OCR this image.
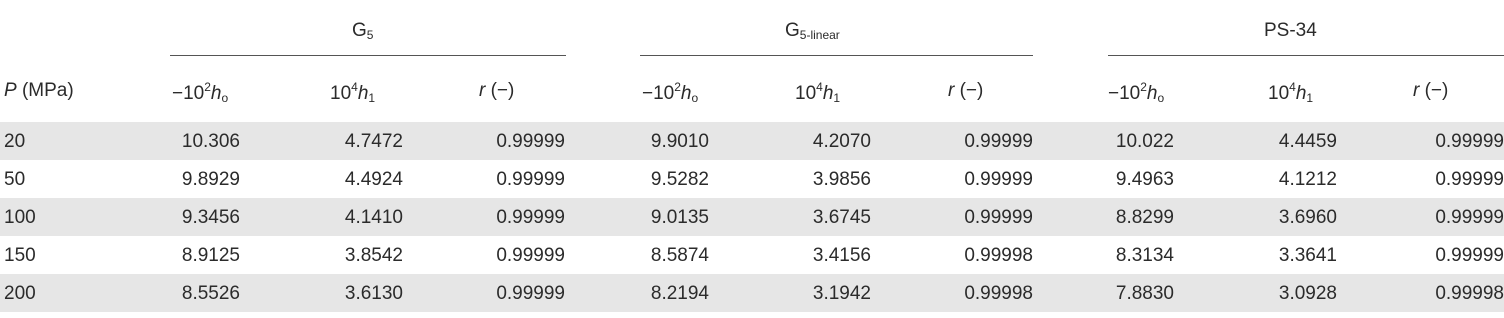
$G_5$	$G_{5-linear}$	PS-34
P (MPa)	$-10^2h_o$	$10^4h_1$	r (−)	$-10^2h_o$	$10^4h_1$	r (−)	$-10^2h_o$	$10^4h_1$	r (−)
20	10.306	4.7472	0.99999	9.9010	4.2070	0.99999	10.022	4.4459	0.99999
50	9.8929	4.4924	0.99999	9.5282	3.9856	0.99999	9.4963	4.1212	0.99999
100	9.3456	4.1410	0.99999	9.0135	3.6745	0.99999	8.8299	3.6960	0.99999
150	8.9125	3.8542	0.99999	8.5874	3.4156	0.99998	8.3134	3.3641	0.99999
200	8.5526	3.6130	0.99999	8.2194	3.1942	0.99998	7.8830	3.0928	0.99998
